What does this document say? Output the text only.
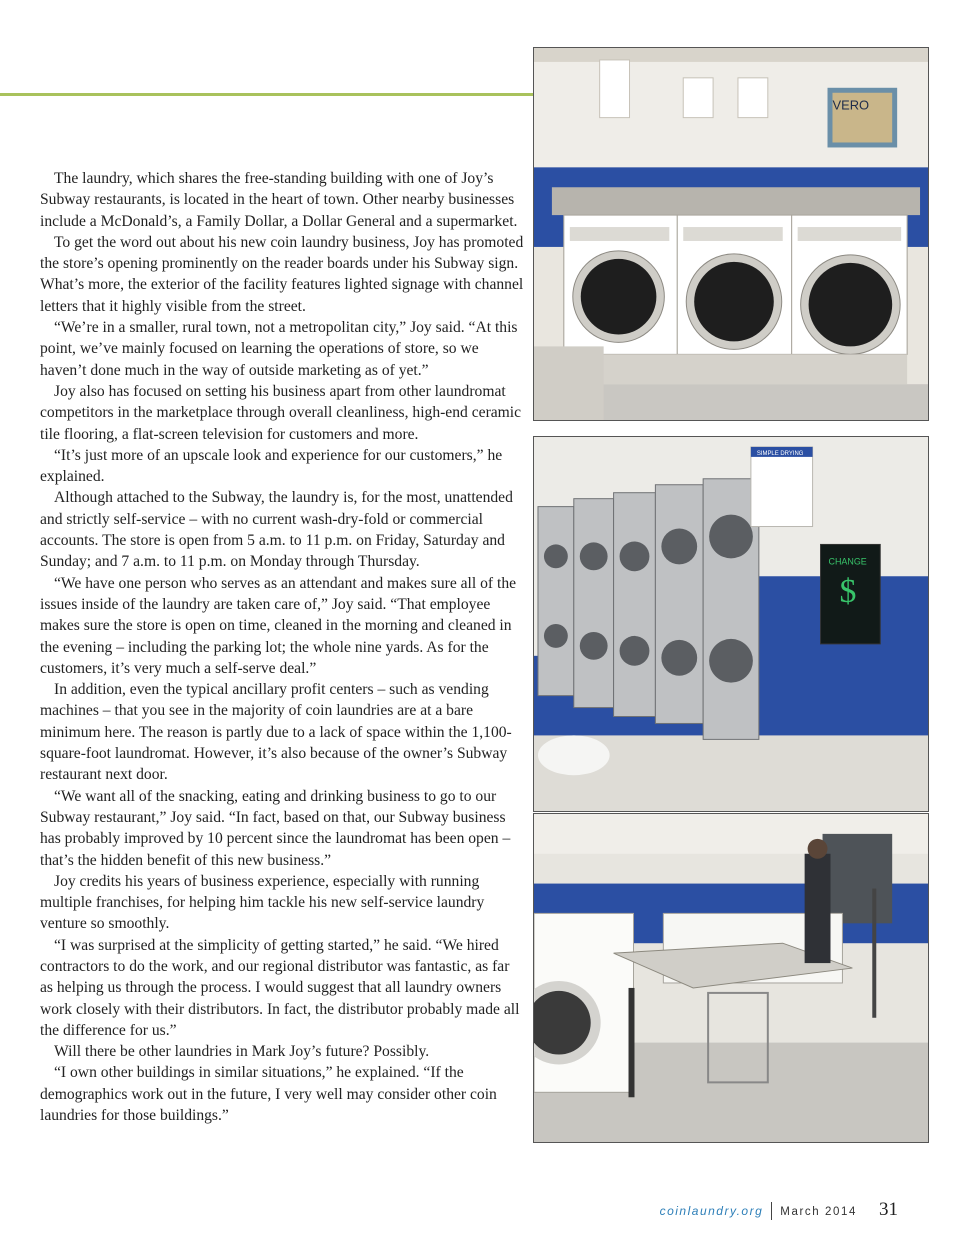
The laundry, which shares the free-standing building with one of Joy’s Subway restaurants, is located in the heart of town. Other nearby businesses include a McDonald’s, a Family Dollar, a Dollar General and a supermarket.

To get the word out about his new coin laundry business, Joy has promoted the store’s opening prominently on the reader boards under his Subway sign. What’s more, the exterior of the facility features lighted signage with channel letters that it highly visible from the street.

“We’re in a smaller, rural town, not a metropolitan city,” Joy said. “At this point, we’ve mainly focused on learning the operations of store, so we haven’t done much in the way of outside marketing as of yet.”

Joy also has focused on setting his business apart from other laundromat competitors in the marketplace through overall cleanliness, high-end ceramic tile flooring, a flat-screen television for customers and more.

“It’s just more of an upscale look and experience for our customers,” he explained.

Although attached to the Subway, the laundry is, for the most, unattended and strictly self-service – with no current wash-dry-fold or commercial accounts. The store is open from 5 a.m. to 11 p.m. on Friday, Saturday and Sunday; and 7 a.m. to 11 p.m. on Monday through Thursday.

“We have one person who serves as an attendant and makes sure all of the issues inside of the laundry are taken care of,” Joy said. “That employee makes sure the store is open on time, cleaned in the morning and cleaned in the evening – including the parking lot; the whole nine yards. As for the customers, it’s very much a self-serve deal.”

In addition, even the typical ancillary profit centers – such as vending machines – that you see in the majority of coin laundries are at a bare minimum here. The reason is partly due to a lack of space within the 1,100-square-foot laundromat. However, it’s also because of the owner’s Subway restaurant next door.

“We want all of the snacking, eating and drinking business to go to our Subway restaurant,” Joy said. “In fact, based on that, our Subway business has probably improved by 10 percent since the laundromat has been open – that’s the hidden benefit of this new business.”

Joy credits his years of business experience, especially with running multiple franchises, for helping him tackle his new self-service laundry venture so smoothly.

“I was surprised at the simplicity of getting started,” he said. “We hired contractors to do the work, and our regional distributor was fantastic, as far as helping us through the process. I would suggest that all laundry owners work closely with their distributors. In fact, the distributor probably made all the difference for us.”

Will there be other laundries in Mark Joy’s future? Possibly.

“I own other buildings in similar situations,” he explained. “If the demographics work out in the future, I very well may consider other coin laundries for those buildings.”

VERO
SIMPLE DRYING
CHANGE
$
coinlaundry.org March 2014 31
